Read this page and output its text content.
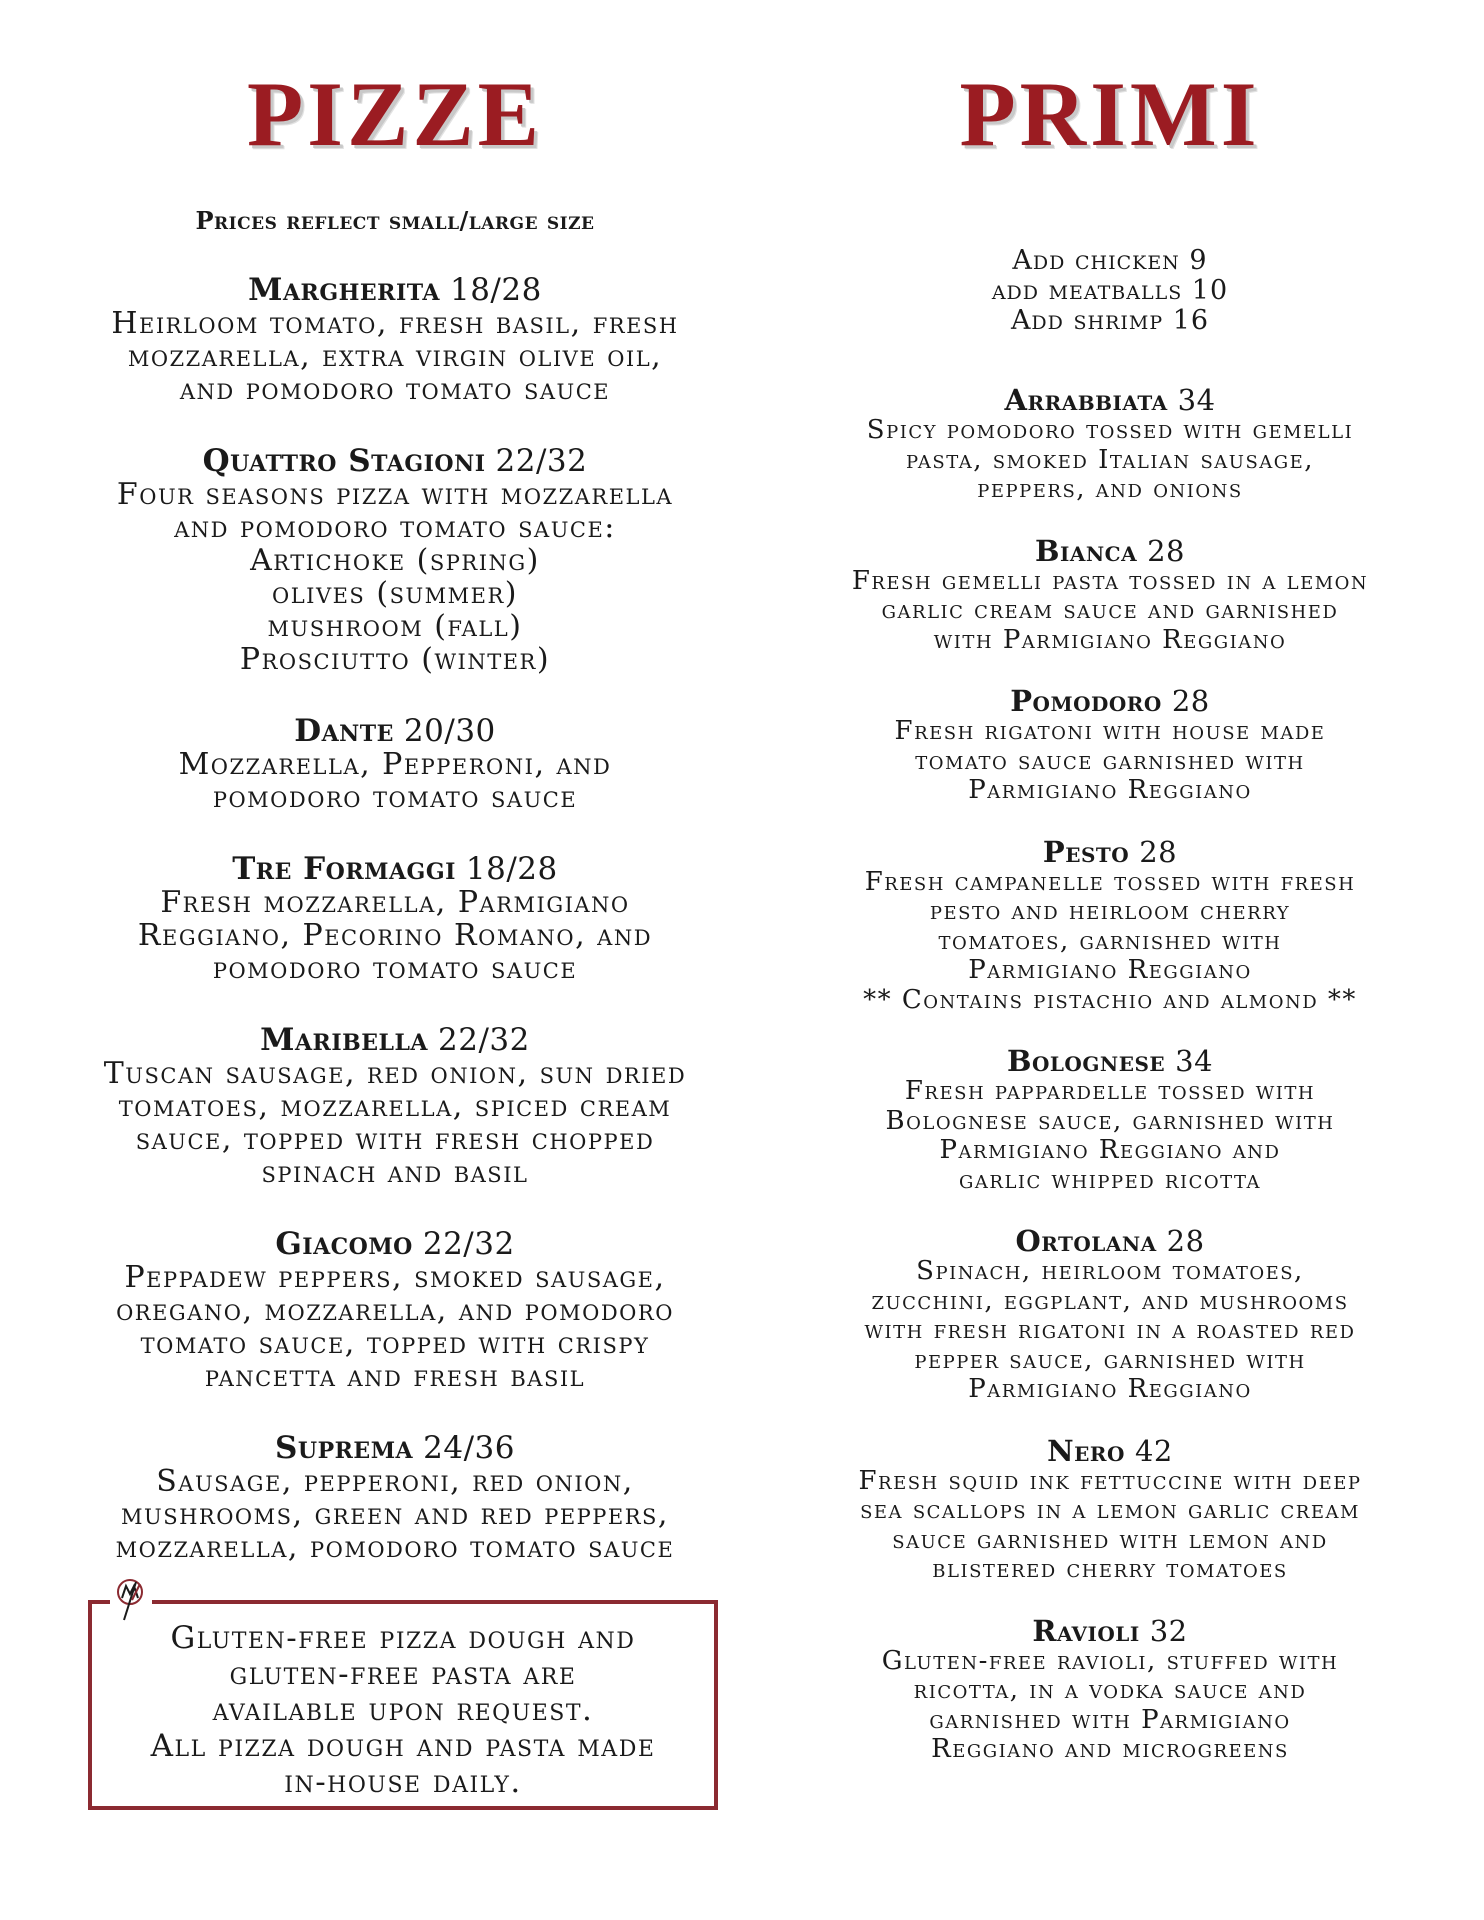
PIZZE
Prices reflect small/large size
Margherita 18/28
Heirloom tomato, fresh basil, fresh
mozzarella, extra virgin olive oil,
and pomodoro tomato sauce
Quattro Stagioni 22/32
Four seasons pizza with mozzarella
and pomodoro tomato sauce:
Artichoke (spring)
olives (summer)
mushroom (fall)
Prosciutto (winter)
Dante 20/30
Mozzarella, Pepperoni, and
pomodoro tomato sauce
Tre Formaggi 18/28
Fresh mozzarella, Parmigiano
Reggiano, Pecorino Romano, and
pomodoro tomato sauce
Maribella 22/32
Tuscan sausage, red onion, sun dried
tomatoes, mozzarella, spiced cream
sauce, topped with fresh chopped
spinach and basil
Giacomo 22/32
Peppadew peppers, smoked sausage,
oregano, mozzarella, and pomodoro
tomato sauce, topped with crispy
pancetta and fresh basil
Suprema 24/36
Sausage, pepperoni, red onion,
mushrooms, green and red peppers,
mozzarella, pomodoro tomato sauce
PRIMI
Add chicken 9
add meatballs 10
Add shrimp 16
Arrabbiata 34
Spicy pomodoro tossed with gemelli
pasta, smoked Italian sausage,
peppers, and onions
Bianca 28
Fresh gemelli pasta tossed in a lemon
garlic cream sauce and garnished
with Parmigiano Reggiano
Pomodoro 28
Fresh rigatoni with house made
tomato sauce garnished with
Parmigiano Reggiano
Pesto 28
Fresh campanelle tossed with fresh
pesto and heirloom cherry
tomatoes, garnished with
Parmigiano Reggiano
** Contains pistachio and almond **
Bolognese 34
Fresh pappardelle tossed with
Bolognese sauce, garnished with
Parmigiano Reggiano and
garlic whipped ricotta
Ortolana 28
Spinach, heirloom tomatoes,
zucchini, eggplant, and mushrooms
with fresh rigatoni in a roasted red
pepper sauce, garnished with
Parmigiano Reggiano
Nero 42
Fresh squid ink fettuccine with deep
sea scallops in a lemon garlic cream
sauce garnished with lemon and
blistered cherry tomatoes
Ravioli 32
Gluten-free ravioli, stuffed with
ricotta, in a vodka sauce and
garnished with Parmigiano
Reggiano and microgreens
Gluten-free pizza dough and
gluten-free pasta are
available upon request.
All pizza dough and pasta made
in-house daily.
